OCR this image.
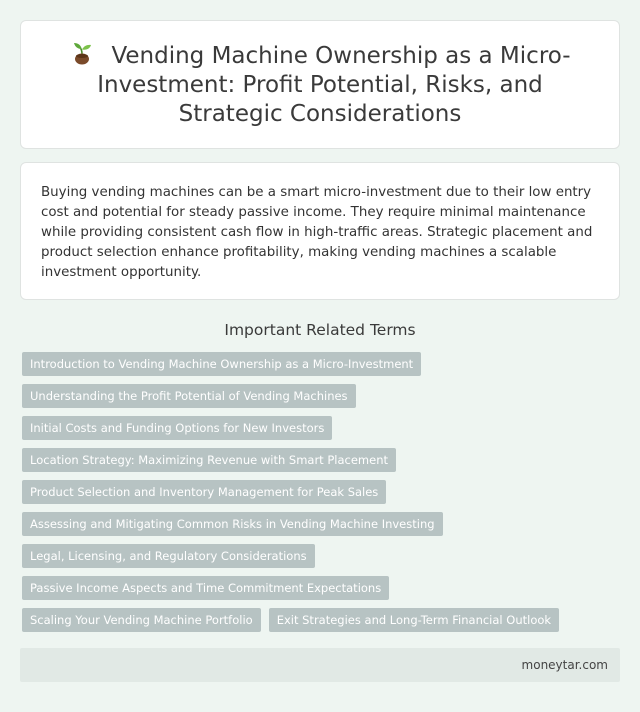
Vending Machine Ownership as a Micro-Investment: Profit Potential, Risks, and Strategic Considerations

Buying vending machines can be a smart micro-investment due to their low entry cost and potential for steady passive income. They require minimal maintenance while providing consistent cash flow in high-traffic areas. Strategic placement and product selection enhance profitability, making vending machines a scalable investment opportunity.

Important Related Terms
Introduction to Vending Machine Ownership as a Micro-Investment
Understanding the Profit Potential of Vending Machines
Initial Costs and Funding Options for New Investors
Location Strategy: Maximizing Revenue with Smart Placement
Product Selection and Inventory Management for Peak Sales
Assessing and Mitigating Common Risks in Vending Machine Investing
Legal, Licensing, and Regulatory Considerations
Passive Income Aspects and Time Commitment Expectations
Scaling Your Vending Machine Portfolio	Exit Strategies and Long-Term Financial Outlook
moneytar.com
